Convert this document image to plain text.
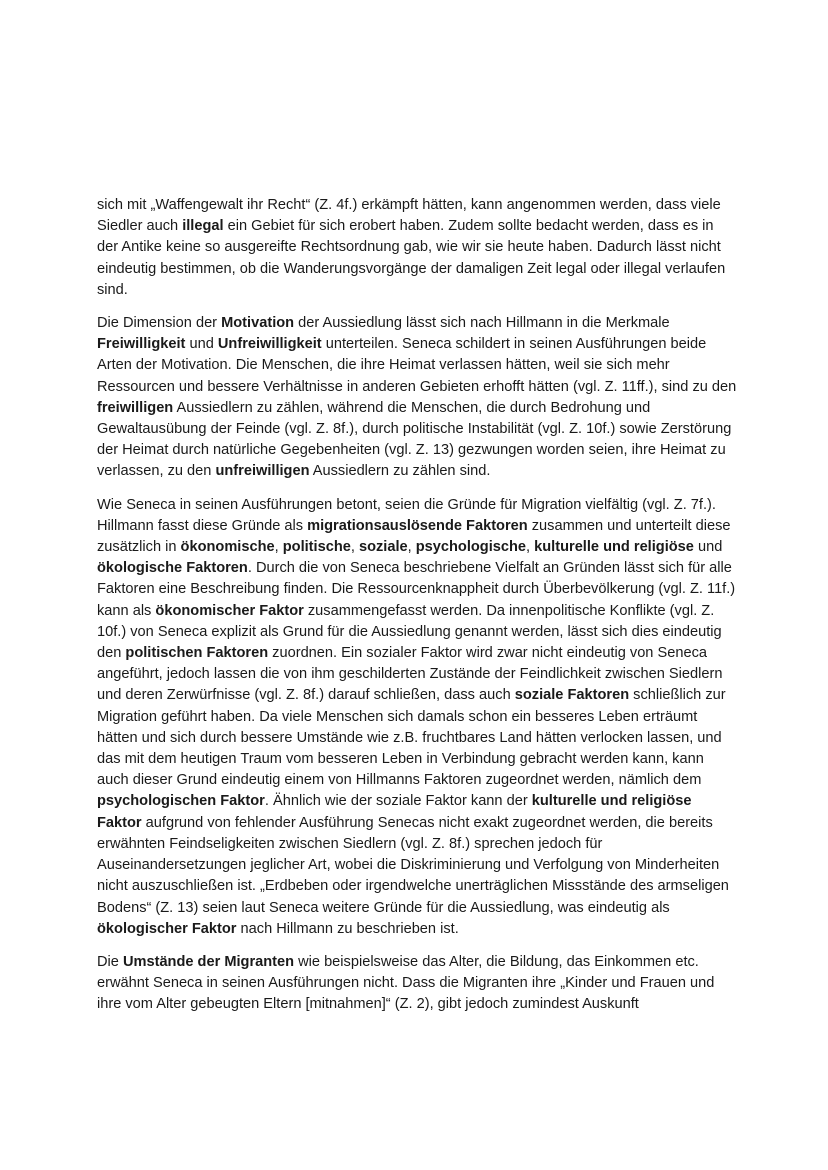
sich mit „Waffengewalt ihr Recht“ (Z. 4f.) erkämpft hätten, kann angenommen werden, dass viele Siedler auch illegal ein Gebiet für sich erobert haben. Zudem sollte bedacht werden, dass es in der Antike keine so ausgereifte Rechtsordnung gab, wie wir sie heute haben. Dadurch lässt nicht eindeutig bestimmen, ob die Wanderungsvorgänge der damaligen Zeit legal oder illegal verlaufen sind.

Die Dimension der Motivation der Aussiedlung lässt sich nach Hillmann in die Merkmale Freiwilligkeit und Unfreiwilligkeit unterteilen. Seneca schildert in seinen Ausführungen beide Arten der Motivation. Die Menschen, die ihre Heimat verlassen hätten, weil sie sich mehr Ressourcen und bessere Verhältnisse in anderen Gebieten erhofft hätten (vgl. Z. 11ff.), sind zu den freiwilligen Aussiedlern zu zählen, während die Menschen, die durch Bedrohung und Gewaltausübung der Feinde (vgl. Z. 8f.), durch politische Instabilität (vgl. Z. 10f.) sowie Zerstörung der Heimat durch natürliche Gegebenheiten (vgl. Z. 13) gezwungen worden seien, ihre Heimat zu verlassen, zu den unfreiwilligen Aussiedlern zu zählen sind.

Wie Seneca in seinen Ausführungen betont, seien die Gründe für Migration vielfältig (vgl. Z. 7f.). Hillmann fasst diese Gründe als migrationsauslösende Faktoren zusammen und unterteilt diese zusätzlich in ökonomische, politische, soziale, psychologische, kulturelle und religiöse und ökologische Faktoren. Durch die von Seneca beschriebene Vielfalt an Gründen lässt sich für alle Faktoren eine Beschreibung finden. Die Ressourcenknappheit durch Überbevölkerung (vgl. Z. 11f.) kann als ökonomischer Faktor zusammengefasst werden. Da innenpolitische Konflikte (vgl. Z. 10f.) von Seneca explizit als Grund für die Aussiedlung genannt werden, lässt sich dies eindeutig den politischen Faktoren zuordnen. Ein sozialer Faktor wird zwar nicht eindeutig von Seneca angeführt, jedoch lassen die von ihm geschilderten Zustände der Feindlichkeit zwischen Siedlern und deren Zerwürfnisse (vgl. Z. 8f.) darauf schließen, dass auch soziale Faktoren schließlich zur Migration geführt haben. Da viele Menschen sich damals schon ein besseres Leben erträumt hätten und sich durch bessere Umstände wie z.B. fruchtbares Land hätten verlocken lassen, und das mit dem heutigen Traum vom besseren Leben in Verbindung gebracht werden kann, kann auch dieser Grund eindeutig einem von Hillmanns Faktoren zugeordnet werden, nämlich dem psychologischen Faktor. Ähnlich wie der soziale Faktor kann der kulturelle und religiöse Faktor aufgrund von fehlender Ausführung Senecas nicht exakt zugeordnet werden, die bereits erwähnten Feindseligkeiten zwischen Siedlern (vgl. Z. 8f.) sprechen jedoch für Auseinandersetzungen jeglicher Art, wobei die Diskriminierung und Verfolgung von Minderheiten nicht auszuschließen ist. „Erdbeben oder irgendwelche unerträglichen Missstände des armseligen Bodens“ (Z. 13) seien laut Seneca weitere Gründe für die Aussiedlung, was eindeutig als ökologischer Faktor nach Hillmann zu beschrieben ist.

Die Umstände der Migranten wie beispielsweise das Alter, die Bildung, das Einkommen etc. erwähnt Seneca in seinen Ausführungen nicht. Dass die Migranten ihre „Kinder und Frauen und ihre vom Alter gebeugten Eltern [mitnahmen]“ (Z. 2), gibt jedoch zumindest Auskunft
